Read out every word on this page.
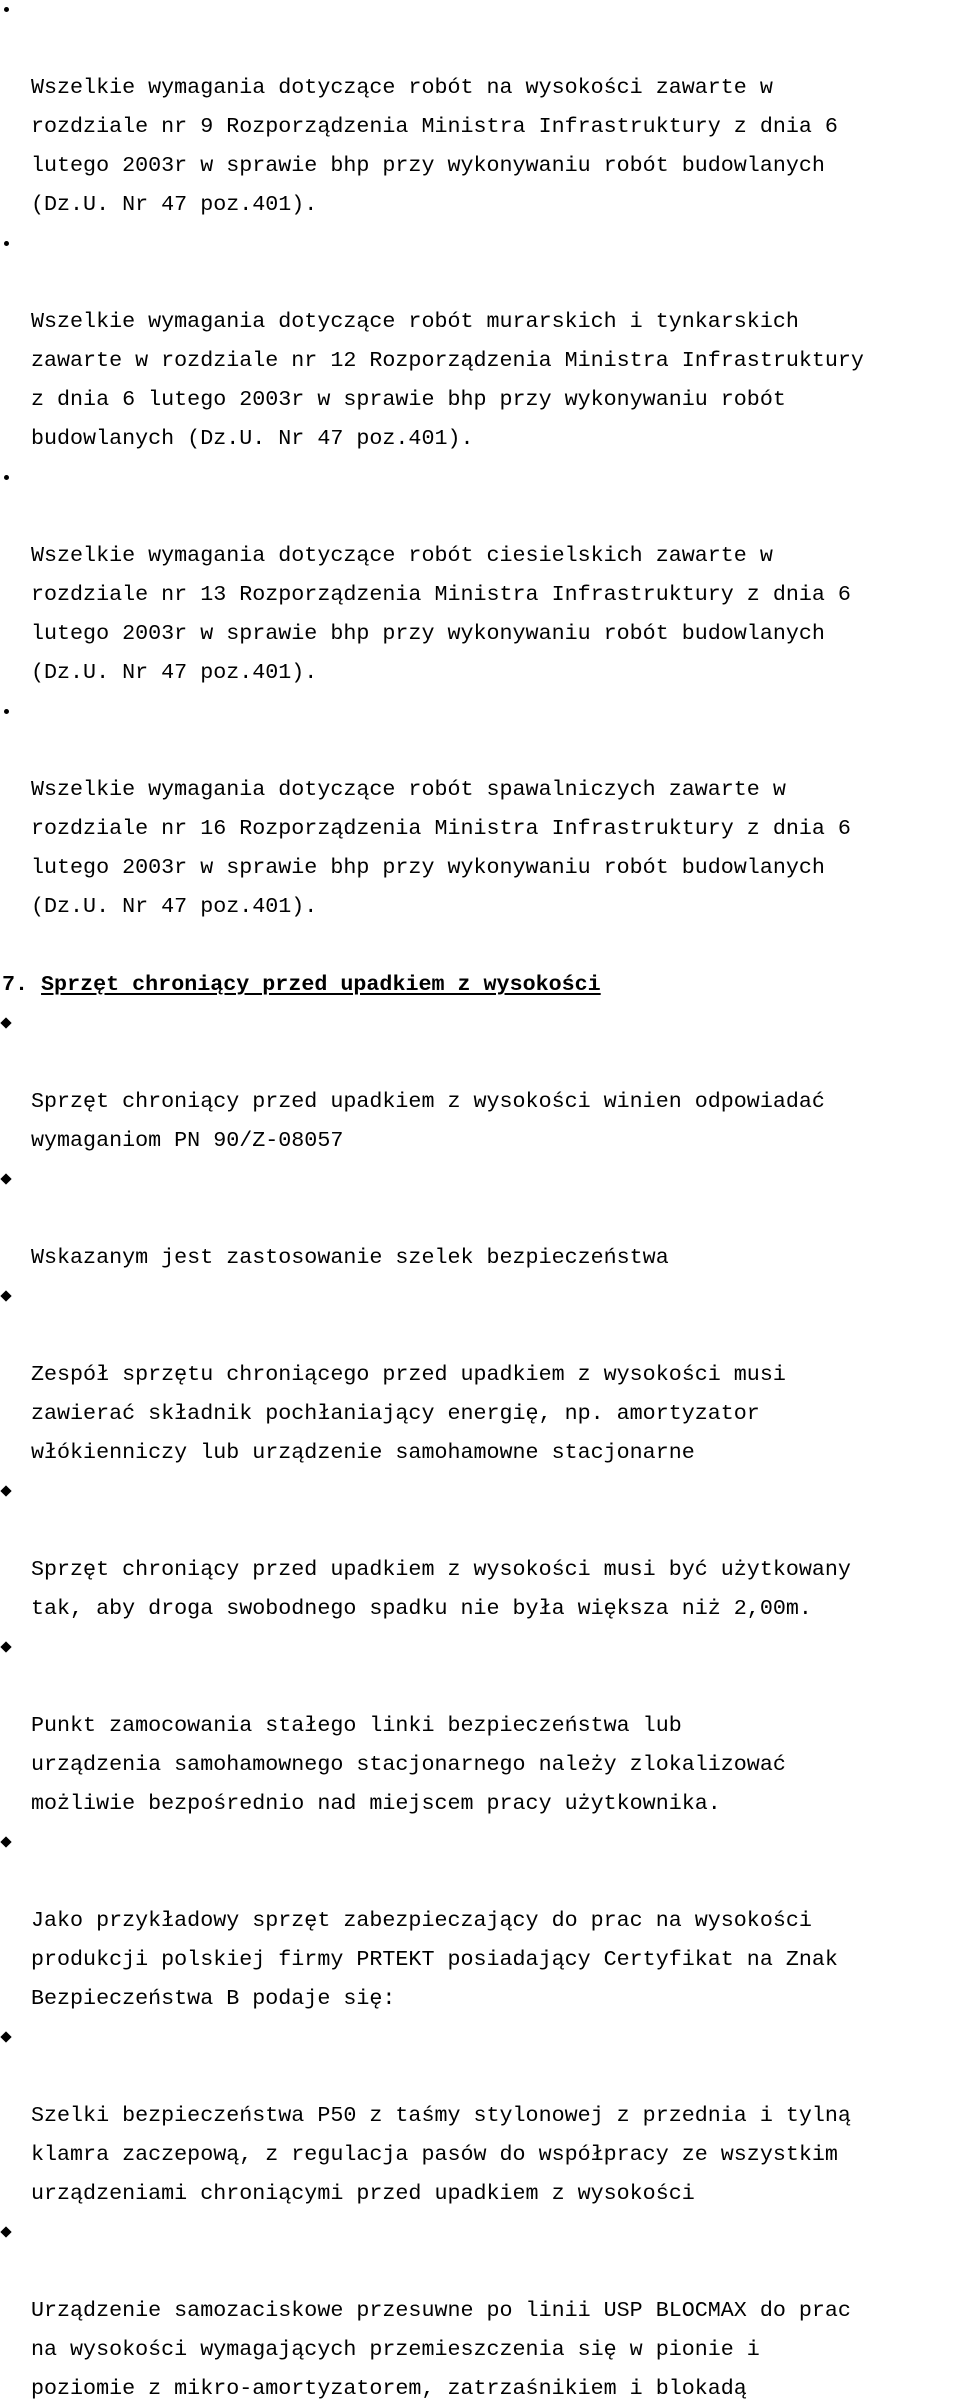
Wszelkie wymagania dotyczące robót na wysokości zawarte w
rozdziale nr 9 Rozporządzenia Ministra Infrastruktury z dnia 6
lutego 2003r w sprawie bhp przy wykonywaniu robót budowlanych
(Dz.U. Nr 47 poz.401).

Wszelkie wymagania dotyczące robót murarskich i tynkarskich
zawarte w rozdziale nr 12 Rozporządzenia Ministra Infrastruktury
z dnia 6 lutego 2003r w sprawie bhp przy wykonywaniu robót
budowlanych (Dz.U. Nr 47 poz.401).

Wszelkie wymagania dotyczące robót ciesielskich zawarte w
rozdziale nr 13 Rozporządzenia Ministra Infrastruktury z dnia 6
lutego 2003r w sprawie bhp przy wykonywaniu robót budowlanych
(Dz.U. Nr 47 poz.401).

Wszelkie wymagania dotyczące robót spawalniczych zawarte w
rozdziale nr 16 Rozporządzenia Ministra Infrastruktury z dnia 6
lutego 2003r w sprawie bhp przy wykonywaniu robót budowlanych
(Dz.U. Nr 47 poz.401).

7. Sprzęt chroniący przed upadkiem z wysokości

Sprzęt chroniący przed upadkiem z wysokości winien odpowiadać
wymaganiom PN 90/Z-08057

Wskazanym jest zastosowanie szelek bezpieczeństwa

Zespół sprzętu chroniącego przed upadkiem z wysokości musi
zawierać składnik pochłaniający energię, np. amortyzator
włókienniczy lub urządzenie samohamowne stacjonarne

Sprzęt chroniący przed upadkiem z wysokości musi być użytkowany
tak, aby droga swobodnego spadku nie była większa niż 2,00m.

Punkt zamocowania stałego linki bezpieczeństwa lub
urządzenia samohamownego stacjonarnego należy zlokalizować
możliwie bezpośrednio nad miejscem pracy użytkownika.

Jako przykładowy sprzęt zabezpieczający do prac na wysokości
produkcji polskiej firmy PRTEKT posiadający Certyfikat na Znak
Bezpieczeństwa B podaje się:

Szelki bezpieczeństwa P50 z taśmy stylonowej z przednia i tylną
klamra zaczepową, z regulacja pasów do współpracy ze wszystkim
urządzeniami chroniącymi przed upadkiem z wysokości

Urządzenie samozaciskowe przesuwne po linii USP BLOCMAX do prac
na wysokości wymagających przemieszczenia się w pionie i
poziomie z mikro-amortyzatorem, zatrzaśnikiem i blokadą
